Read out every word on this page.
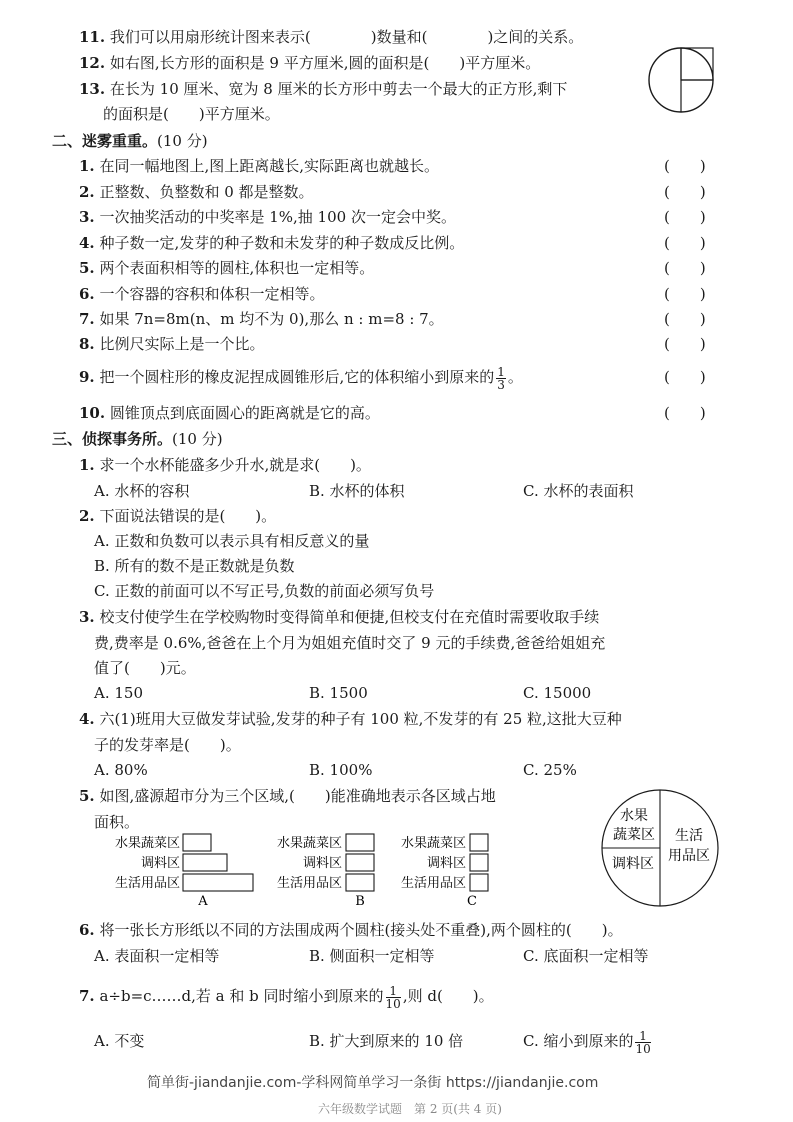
11. 我们可以用扇形统计图来表示(　　　　)数量和(　　　　)之间的关系。
12. 如右图,长方形的面积是 9 平方厘米,圆的面积是(　　)平方厘米。
13. 在长为 10 厘米、宽为 8 厘米的长方形中剪去一个最大的正方形,剩下
的面积是(　　)平方厘米。
二、迷雾重重。(10 分)
1. 在同一幅地图上,图上距离越长,实际距离也就越长。	(　　)
2. 正整数、负整数和 0 都是整数。	(　　)
3. 一次抽奖活动的中奖率是 1%,抽 100 次一定会中奖。	(　　)
4. 种子数一定,发芽的种子数和未发芽的种子数成反比例。	(　　)
5. 两个表面积相等的圆柱,体积也一定相等。	(　　)
6. 一个容器的容积和体积一定相等。	(　　)
7. 如果 7n=8m(n、m 均不为 0),那么 n : m=8 : 7。	(　　)
8. 比例尺实际上是一个比。	(　　)
9. 把一个圆柱形的橡皮泥捏成圆锥形后,它的体积缩小到原来的 $\frac{1}{3}$ 。	(　　)
10. 圆锥顶点到底面圆心的距离就是它的高。	(　　)
三、侦探事务所。(10 分)
1. 求一个水杯能盛多少升水,就是求(　　)。
A. 水杯的容积	B. 水杯的体积	C. 水杯的表面积
2. 下面说法错误的是(　　)。
A. 正数和负数可以表示具有相反意义的量
B. 所有的数不是正数就是负数
C. 正数的前面可以不写正号,负数的前面必须写负号
3. 校支付使学生在学校购物时变得简单和便捷,但校支付在充值时需要收取手续
费,费率是 0.6%,爸爸在上个月为姐姐充值时交了 9 元的手续费,爸爸给姐姐充
值了(　　)元。
A. 150	B. 1500	C. 15000
4. 六(1)班用大豆做发芽试验,发芽的种子有 100 粒,不发芽的有 25 粒,这批大豆种
子的发芽率是(　　)。
A. 80%	B. 100%	C. 25%
5. 如图,盛源超市分为三个区域,(　　)能准确地表示各区域占地
面积。
水果蔬菜区
调料区
生活用品区
A
水果蔬菜区
调料区
生活用品区
B
水果蔬菜区
调料区
生活用品区
C
水果
蔬菜区
调料区
生活
用品区
6. 将一张长方形纸以不同的方法围成两个圆柱(接头处不重叠),两个圆柱的(　　)。
A. 表面积一定相等	B. 侧面积一定相等	C. 底面积一定相等
7. a÷b=c……d,若 a 和 b 同时缩小到原来的 $\frac{1}{10}$ ,则 d(　　)。
A. 不变	B. 扩大到原来的 10 倍	C. 缩小到原来的 $\frac{1}{10}$
简单街-jiandanjie.com-学科网简单学习一条街 https://jiandanjie.com
六年级数学试题　第 2 页(共 4 页)
